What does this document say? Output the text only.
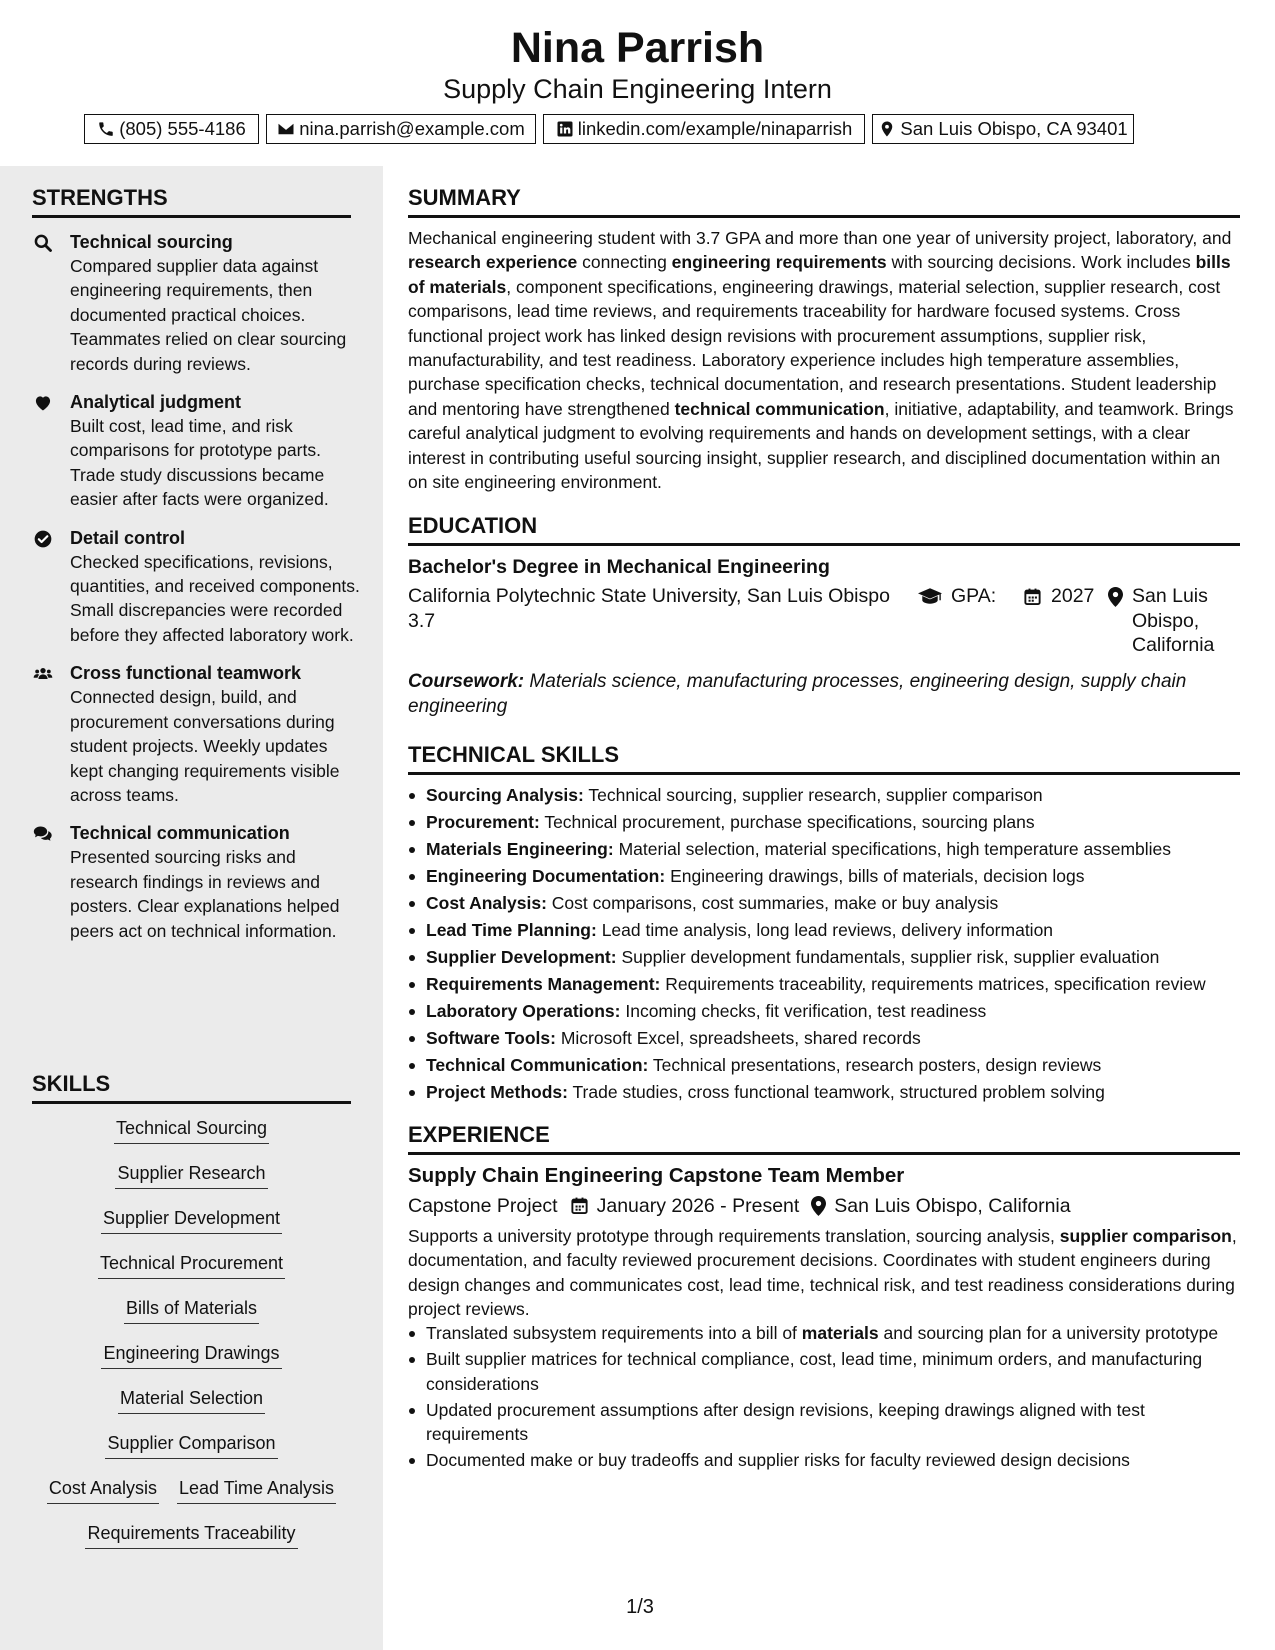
Nina Parrish
Supply Chain Engineering Intern
(805) 555-4186	nina.parrish@example.com	linkedin.com/example/ninaparrish	San Luis Obispo, CA 93401
STRENGTHS
Technical sourcing
Compared supplier data against engineering requirements, then documented practical choices. Teammates relied on clear sourcing records during reviews.
Analytical judgment
Built cost, lead time, and risk comparisons for prototype parts. Trade study discussions became easier after facts were organized.
Detail control
Checked specifications, revisions, quantities, and received components. Small discrepancies were recorded before they affected laboratory work.
Cross functional teamwork
Connected design, build, and procurement conversations during student projects. Weekly updates kept changing requirements visible across teams.
Technical communication
Presented sourcing risks and research findings in reviews and posters. Clear explanations helped peers act on technical information.
SKILLS
Technical Sourcing
Supplier Research
Supplier Development
Technical Procurement
Bills of Materials
Engineering Drawings
Material Selection
Supplier Comparison
Cost Analysis Lead Time Analysis
Requirements Traceability
SUMMARY
Mechanical engineering student with 3.7 GPA and more than one year of university project, laboratory, and research experience connecting engineering requirements with sourcing decisions. Work includes bills of materials, component specifications, engineering drawings, material selection, supplier research, cost comparisons, lead time reviews, and requirements traceability for hardware focused systems. Cross functional project work has linked design revisions with procurement assumptions, supplier risk, manufacturability, and test readiness. Laboratory experience includes high temperature assemblies, purchase specification checks, technical documentation, and research presentations. Student leadership and mentoring have strengthened technical communication, initiative, adaptability, and teamwork. Brings careful analytical judgment to evolving requirements and hands on development settings, with a clear interest in contributing useful sourcing insight, supplier research, and disciplined documentation within an on site engineering environment.
EDUCATION
Bachelor's Degree in Mechanical Engineering
California Polytechnic State University, San Luis Obispo	GPA:
3.7
2027	San Luis Obispo, California
Coursework: Materials science, manufacturing processes, engineering design, supply chain engineering
TECHNICAL SKILLS
Sourcing Analysis: Technical sourcing, supplier research, supplier comparison
Procurement: Technical procurement, purchase specifications, sourcing plans
Materials Engineering: Material selection, material specifications, high temperature assemblies
Engineering Documentation: Engineering drawings, bills of materials, decision logs
Cost Analysis: Cost comparisons, cost summaries, make or buy analysis
Lead Time Planning: Lead time analysis, long lead reviews, delivery information
Supplier Development: Supplier development fundamentals, supplier risk, supplier evaluation
Requirements Management: Requirements traceability, requirements matrices, specification review
Laboratory Operations: Incoming checks, fit verification, test readiness
Software Tools: Microsoft Excel, spreadsheets, shared records
Technical Communication: Technical presentations, research posters, design reviews
Project Methods: Trade studies, cross functional teamwork, structured problem solving
EXPERIENCE
Supply Chain Engineering Capstone Team Member
Capstone Project January 2026 - Present San Luis Obispo, California
Supports a university prototype through requirements translation, sourcing analysis, supplier comparison, documentation, and faculty reviewed procurement decisions. Coordinates with student engineers during design changes and communicates cost, lead time, technical risk, and test readiness considerations during project reviews.
Translated subsystem requirements into a bill of materials and sourcing plan for a university prototype
Built supplier matrices for technical compliance, cost, lead time, minimum orders, and manufacturing considerations
Updated procurement assumptions after design revisions, keeping drawings aligned with test requirements
Documented make or buy tradeoffs and supplier risks for faculty reviewed design decisions
1/3
